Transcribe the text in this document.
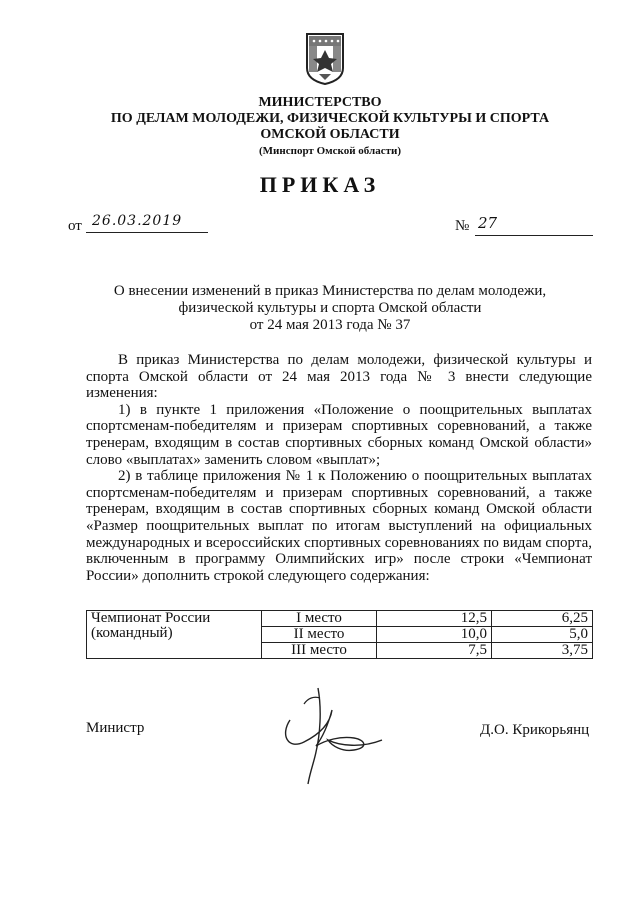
МИНИСТЕРСТВО
ПО ДЕЛАМ МОЛОДЕЖИ, ФИЗИЧЕСКОЙ КУЛЬТУРЫ И СПОРТА
ОМСКОЙ ОБЛАСТИ
(Минспорт Омской области)
ПРИКАЗ
от 26.03.2019	№ 27
О внесении изменений в приказ Министерства по делам молодежи,
физической культуры и спорта Омской области
от 24 мая 2013 года № 37

В приказ Министерства по делам молодежи, физической культуры и спорта Омской области от 24 мая 2013 года № 3 внести следующие изменения:

1) в пункте 1 приложения «Положение о поощрительных выплатах спортсменам-победителям и призерам спортивных соревнований, а также тренерам, входящим в состав спортивных сборных команд Омской области» слово «выплатах» заменить словом «выплат»;

2) в таблице приложения № 1 к Положению о поощрительных выплатах спортсменам-победителям и призерам спортивных соревнований, а также тренерам, входящим в состав спортивных сборных команд Омской области «Размер поощрительных выплат по итогам выступлений на официальных международных и всероссийских спортивных соревнованиях по видам спорта, включенным в программу Олимпийских игр» после строки «Чемпионат России» дополнить строкой следующего содержания:

Чемпионат России
(командный)	I место	12,5	6,25
	II место	10,0	5,0
	III место	7,5	3,75
Министр	Д.О. Крикорьянц
